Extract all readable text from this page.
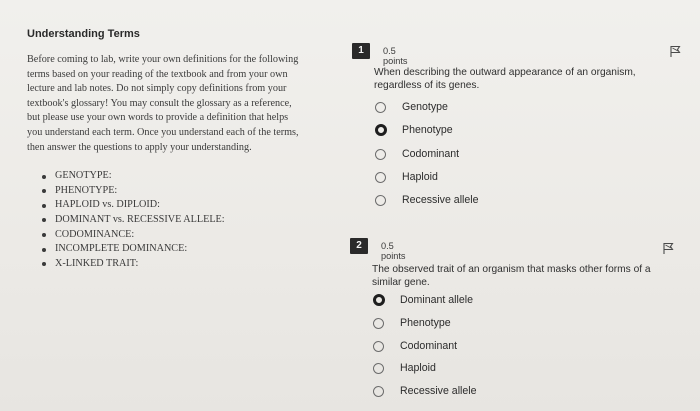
Understanding Terms

Before coming to lab, write your own definitions for the following
terms based on your reading of the textbook and from your own
lecture and lab notes. Do not simply copy definitions from your
textbook's glossary! You may consult the glossary as a reference,
but please use your own words to provide a definition that helps
you understand each term. Once you understand each of the terms,
then answer the questions to apply your understanding.

GENOTYPE:
PHENOTYPE:
HAPLOID vs. DIPLOID:
DOMINANT vs. RECESSIVE ALLELE:
CODOMINANCE:
INCOMPLETE DOMINANCE:
X-LINKED TRAIT:
1	0.5 points
When describing the outward appearance of an organism,
regardless of its genes.
Genotype
Phenotype
Codominant
Haploid
Recessive allele
2	0.5 points
The observed trait of an organism that masks other forms of a
similar gene.
Dominant allele
Phenotype
Codominant
Haploid
Recessive allele
